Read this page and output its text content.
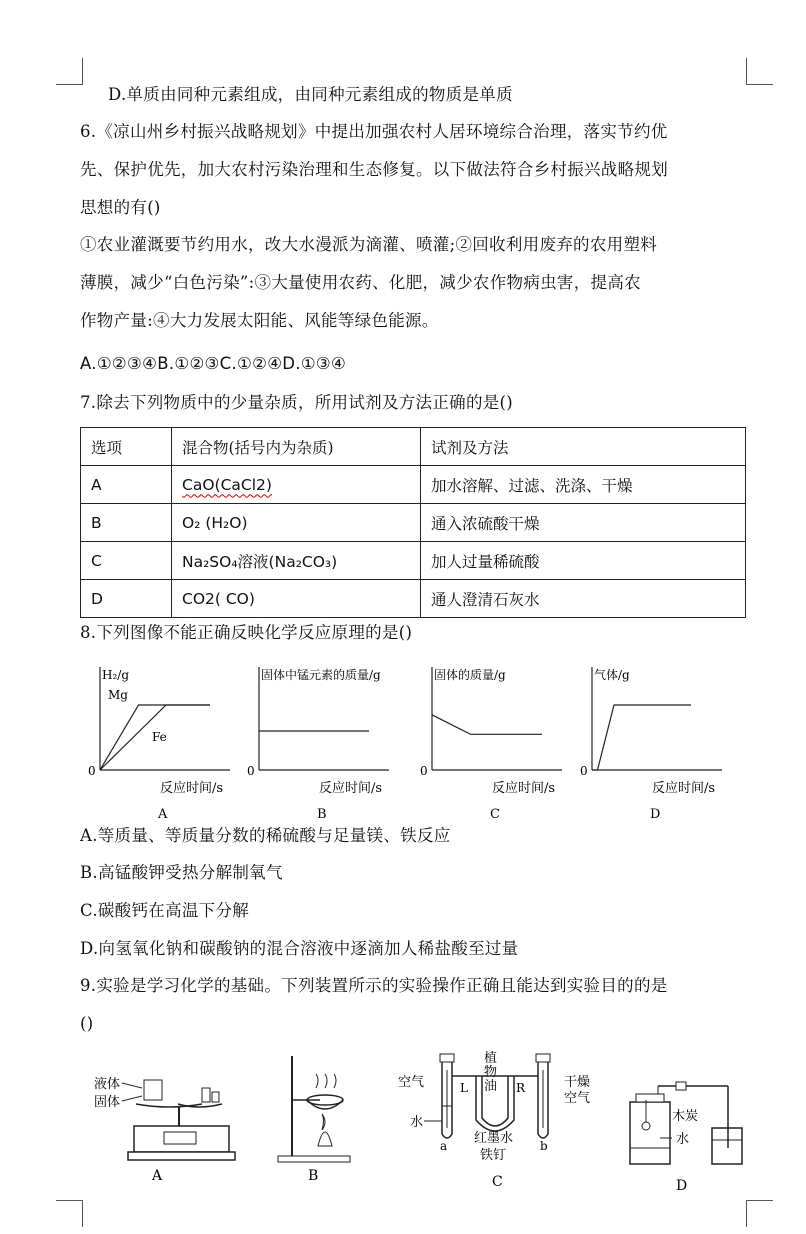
D.单质由同种元素组成，由同种元素组成的物质是单质
6.《凉山州乡村振兴战略规划》中提出加强农村人居环境综合治理，落实节约优
先、保护优先，加大农村污染治理和生态修复。以下做法符合乡村振兴战略规划
思想的有()
①农业灌溉要节约用水，改大水漫派为滴灌、喷灌;②回收利用废弃的农用塑料
薄膜，减少“白色污染”:③大量使用农药、化肥，减少农作物病虫害，提高农
作物产量:④大力发展太阳能、风能等绿色能源。
A.①②③④B.①②③C.①②④D.①③④
7.除去下列物质中的少量杂质，所用试剂及方法正确的是()
选项	混合物(括号内为杂质)	试剂及方法
A	CaO(CaCl2)	加水溶解、过滤、洗涤、干燥
B	O₂ (H₂O)	通入浓硫酸干燥
C	Na₂SO₄溶液(Na₂CO₃)	加人过量稀硫酸
D	CO2( CO)	通人澄清石灰水
8.下列图像不能正确反映化学反应原理的是()
0
H₂/g
反应时间/s
A
Mg
Fe
0
固体中锰元素的质量/g
反应时间/s
B
0
固体的质量/g
反应时间/s
C
0
气体/g
反应时间/s
D
A.等质量、等质量分数的稀硫酸与足量镁、铁反应
B.高锰酸钾受热分解制氧气
C.碳酸钙在高温下分解
D.向氢氧化钠和碳酸钠的混合溶液中逐滴加人稀盐酸至过量
9.实验是学习化学的基础。下列装置所示的实验操作正确且能达到实验目的的是
()
液体
固体
A	B
空气
水
植
物
油
L	R	干燥
空气
红墨水
铁钉
a	b
C
木炭
水
D
